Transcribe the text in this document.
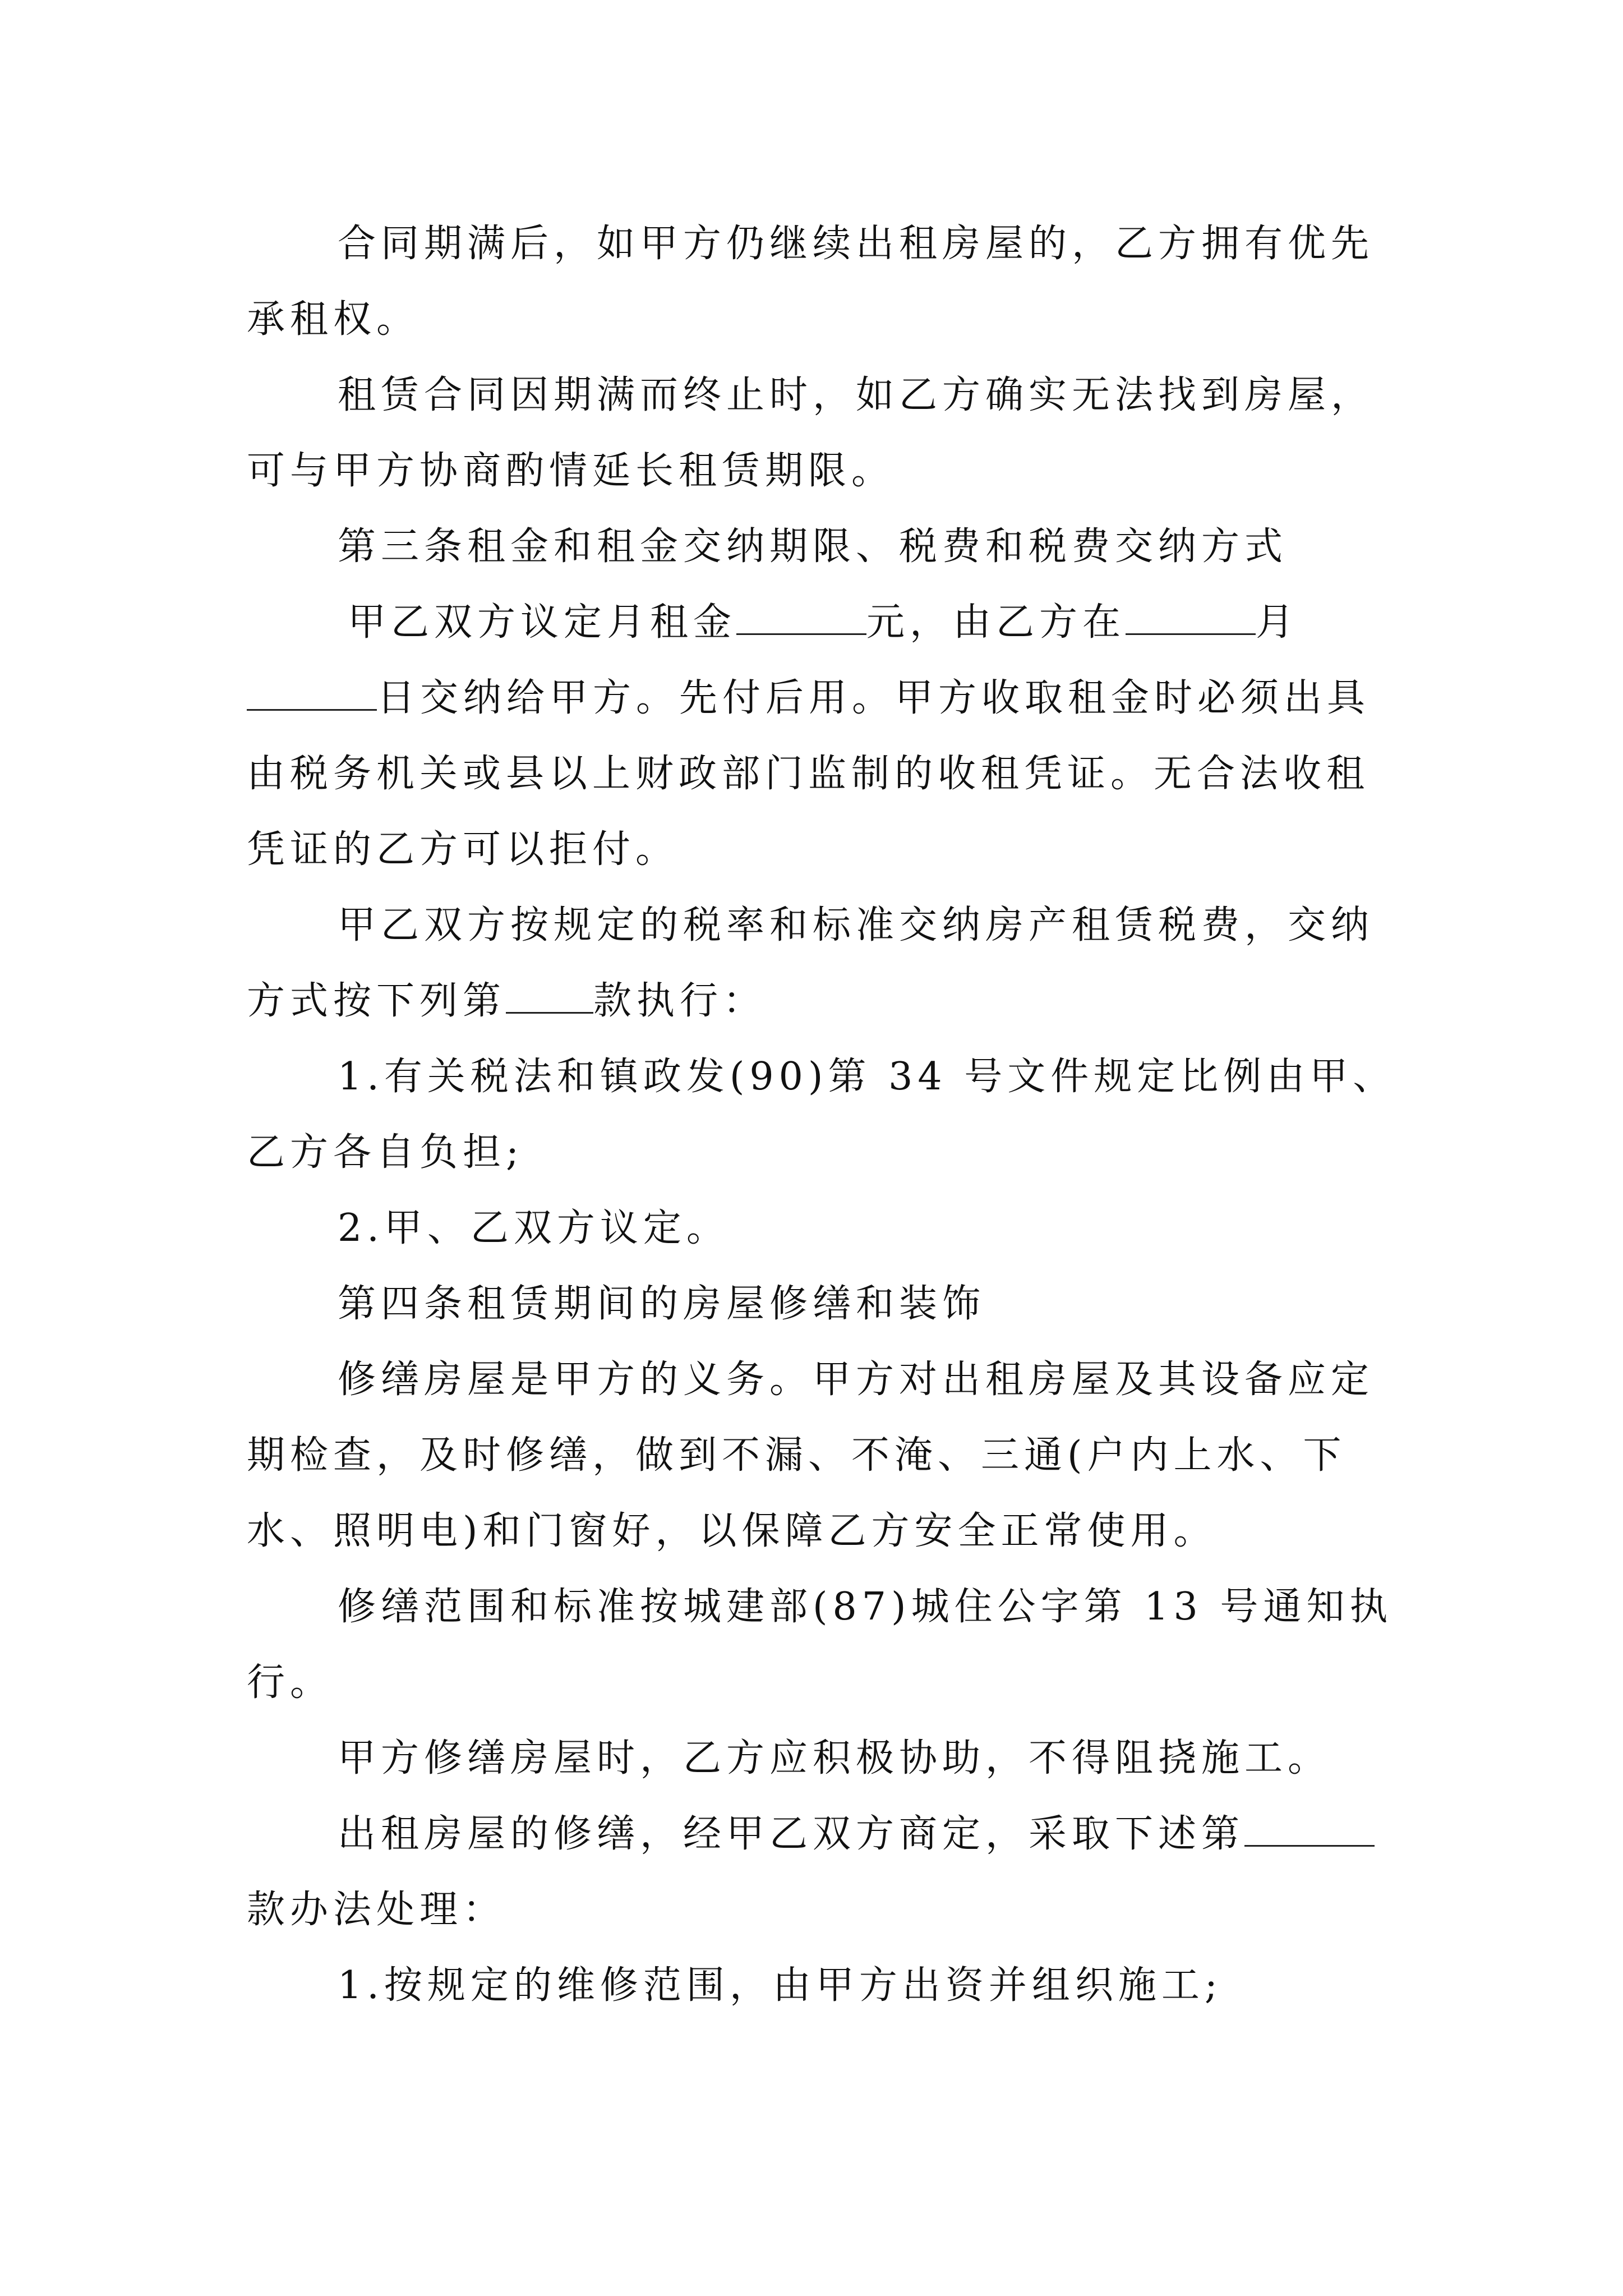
合同期满后，如甲方仍继续出租房屋的，乙方拥有优先
承租权。
租赁合同因期满而终止时，如乙方确实无法找到房屋，
可与甲方协商酌情延长租赁期限。
第三条租金和租金交纳期限、税费和税费交纳方式
甲乙双方议定月租金	元，由乙方在	月
日交纳给甲方。先付后用。甲方收取租金时必须出具
由税务机关或县以上财政部门监制的收租凭证。无合法收租
凭证的乙方可以拒付。
甲乙双方按规定的税率和标准交纳房产租赁税费，交纳
方式按下列第 款执行：
1.有关税法和镇政发(90)第 34 号文件规定比例由甲、
乙方各自负担;
2.甲、乙双方议定。
第四条租赁期间的房屋修缮和装饰
修缮房屋是甲方的义务。甲方对出租房屋及其设备应定
期检查，及时修缮，做到不漏、不淹、三通(户内上水、下
水、照明电)和门窗好，以保障乙方安全正常使用。
修缮范围和标准按城建部(87)城住公字第 13 号通知执
行。
甲方修缮房屋时，乙方应积极协助，不得阻挠施工。
出租房屋的修缮，经甲乙双方商定，采取下述第
款办法处理：
1.按规定的维修范围，由甲方出资并组织施工;
